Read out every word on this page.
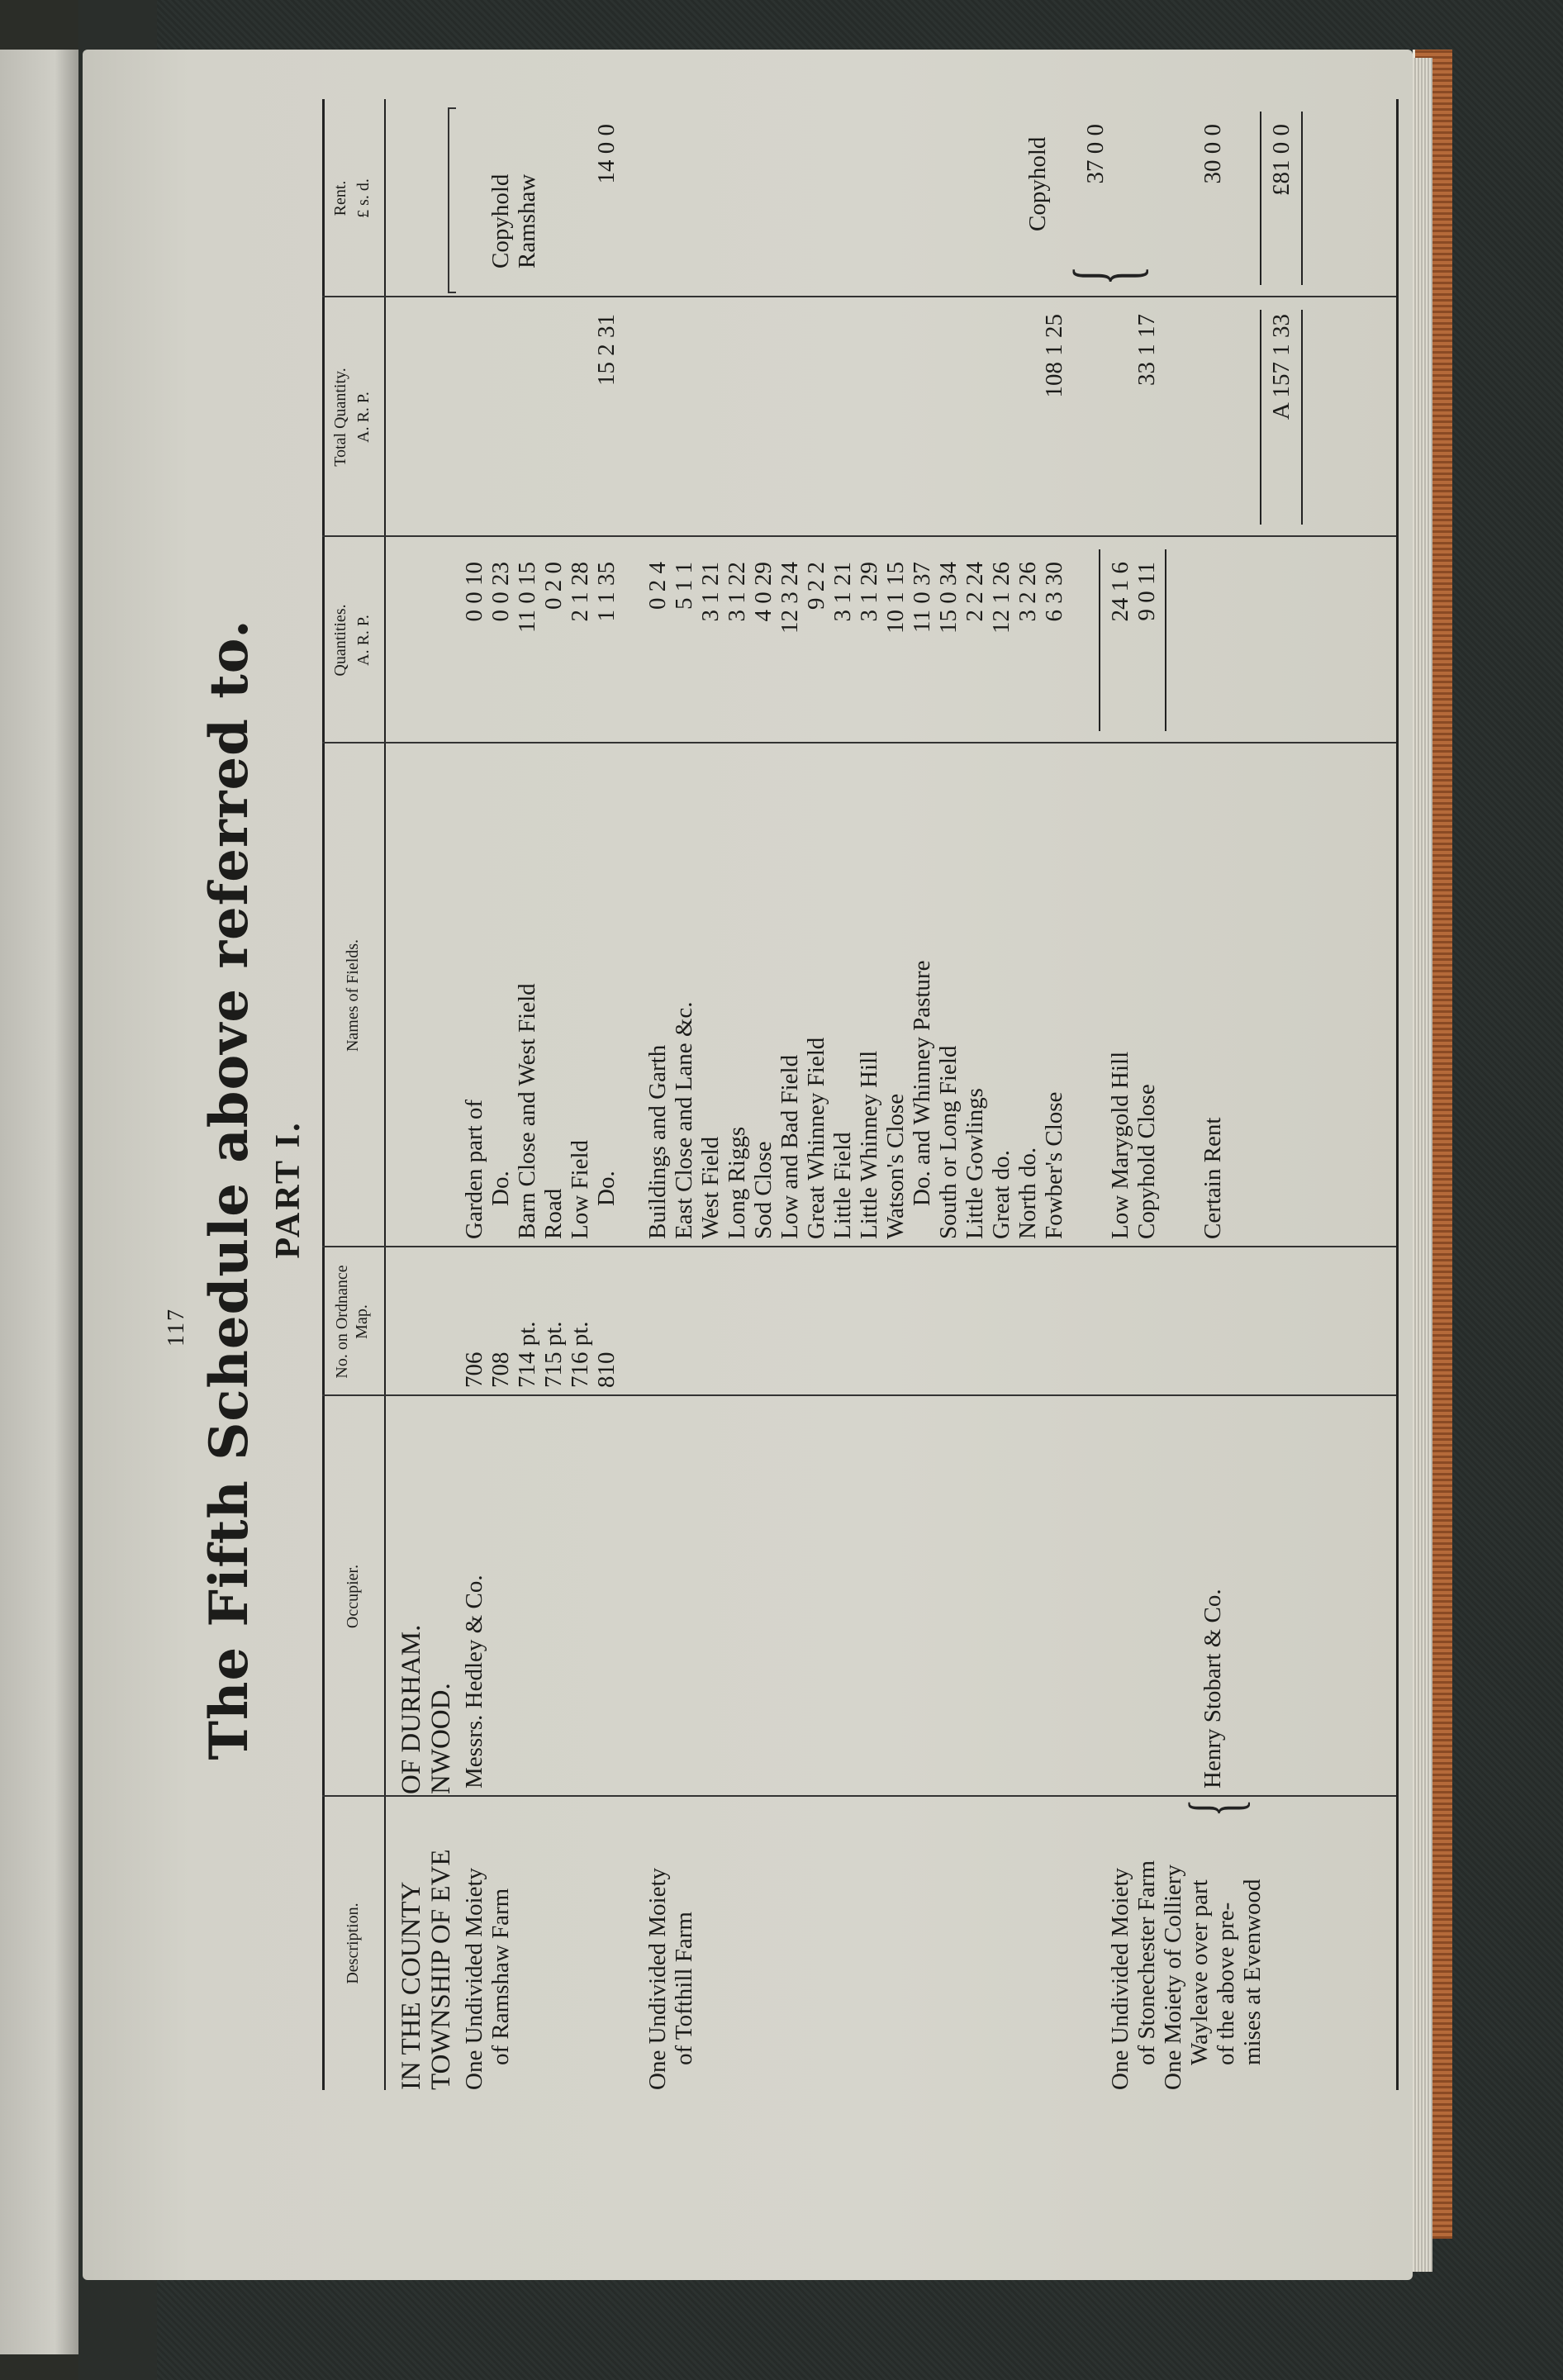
117 The Fifth Schedule above referred to. PART I.
Description.
Occupier.
No. on Ordnance Map.
Names of Fields.
Quantities. A. R. P.
Total Quantity. A. R. P.
Rent. £ s. d.
IN THE COUNTY
OF DURHAM.
TOWNSHIP OF EVE
NWOOD.
One Undivided Moiety of Ramshaw Farm
Messrs. Hedley & Co.
706 708 714 pt. 715 pt. 716 pt. 810
Garden part of Do. Barn Close and West Field Road Low Field Do.
0 0 10 0 0 23 11 0 15 0 2 0 2 1 28 1 1 35
Copyhold Ramshaw
One Undivided Moiety of Tofthill Farm
Buildings and Garth East Close and Lane &c. West Field Long Riggs Sod Close Low and Bad Field Great Whinney Field Little Field Little Whinney Hill Watson's Close Do. and Whinney Pasture South or Long Field Little Gowlings Great do. North do. Fowber's Close
0 2 4 5 1 1 3 1 21 3 1 22 4 0 29 12 3 24 9 2 2 3 1 21 3 1 29 10 1 15 11 0 37 15 0 34 2 2 24 12 1 26 3 2 26 6 3 30
15 2 31
14 0 0
One Undivided Moiety of Stonechester Farm One Moiety of Colliery Wayleave over part of the above pre- mises at Evenwood
{
Henry Stobart & Co.
Low Marygold Hill Copyhold Close Certain Rent
24 1 6 9 0 11
108 1 25	33 1 17
{
37 0 0
Copyhold	30 0 0
A 157 1 33
£81 0 0
